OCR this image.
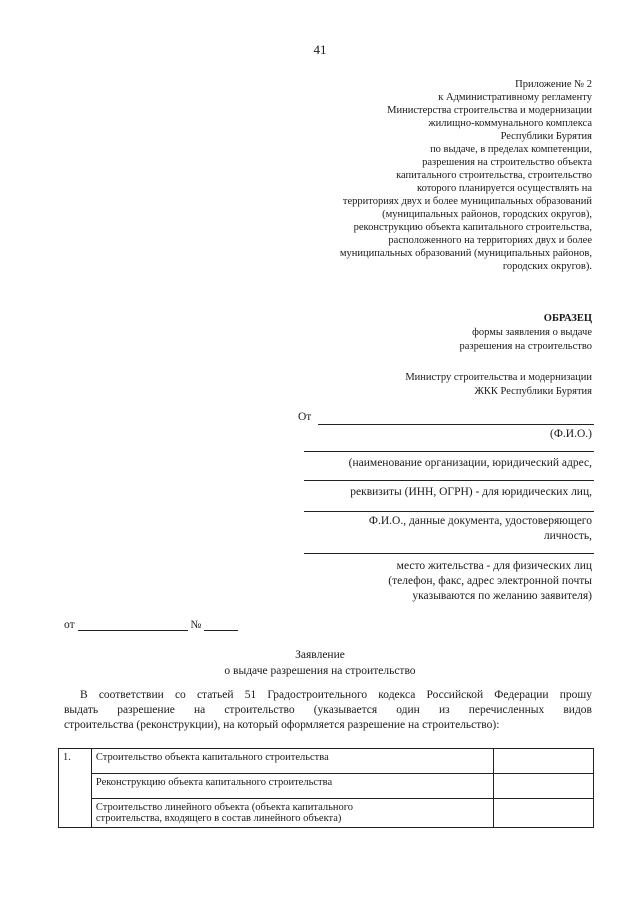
41
Приложение № 2
к Административному регламенту
Министерства строительства и модернизации
жилищно-коммунального комплекса
Республики Бурятия
по выдаче, в пределах компетенции,
разрешения на строительство объекта
капитального строительства, строительство
которого планируется осуществлять на
территориях двух и более муниципальных образований
(муниципальных районов, городских округов),
реконструкцию объекта капитального строительства,
расположенного на территориях двух и более
муниципальных образований (муниципальных районов,
городских округов).
ОБРАЗЕЦ
формы заявления о выдаче
разрешения на строительство
Министру строительства и модернизации
ЖКК Республики Бурятия
От
(Ф.И.О.)
(наименование организации, юридический адрес,
реквизиты (ИНН, ОГРН) - для юридических лиц,
Ф.И.О., данные документа, удостоверяющего
личность,
место жительства - для физических лиц
(телефон, факс, адрес электронной почты
указываются по желанию заявителя)
от	№
Заявление
о выдаче разрешения на строительство
В соответствии со статьей 51 Градостроительного кодекса Российской Федерации прошу
выдать разрешение на строительство (указывается один из перечисленных видов
строительства (реконструкции), на который оформляется разрешение на строительство):
1.	Строительство объекта капитального строительства	
	Реконструкцию объекта капитального строительства	

	Строительство линейного объекта (объекта капитального
строительства, входящего в состав линейного объекта)	
